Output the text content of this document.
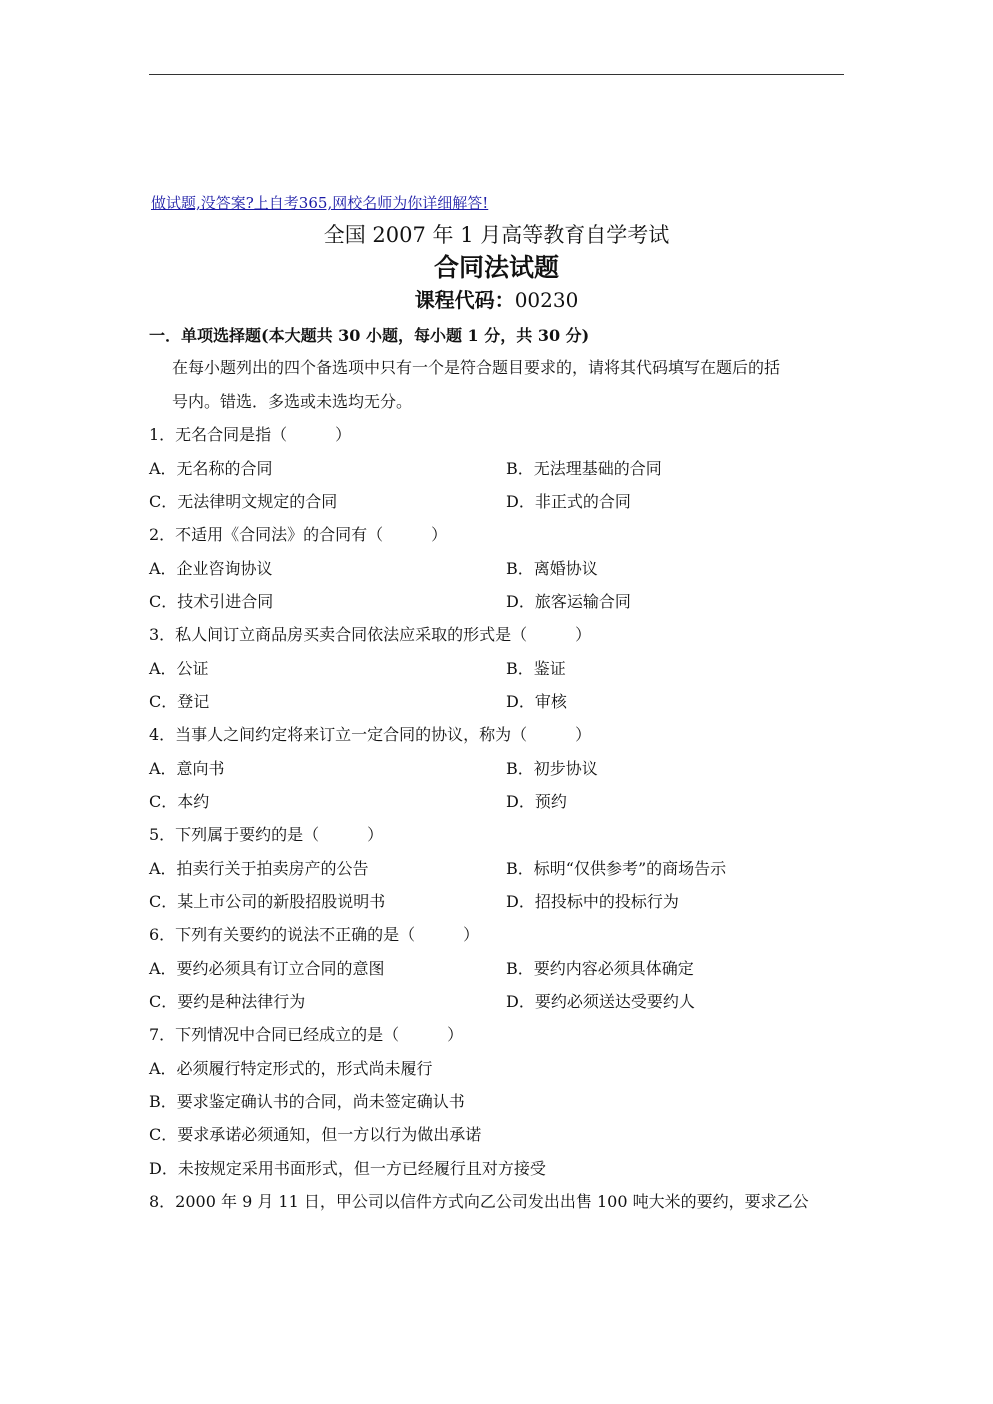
做试题,没答案?上自考365,网校名师为你详细解答!
全国 2007 年 1 月高等教育自学考试
合同法试题
课程代码：00230
一．单项选择题(本大题共 30 小题，每小题 1 分，共 30 分)
在每小题列出的四个备选项中只有一个是符合题目要求的，请将其代码填写在题后的括
号内。错选．多选或未选均无分。
1．无名合同是指（　　　）
A．无名称的合同	B．无法理基础的合同
C．无法律明文规定的合同	D．非正式的合同
2．不适用《合同法》的合同有（　　　）
A．企业咨询协议	B．离婚协议
C．技术引进合同	D．旅客运输合同
3．私人间订立商品房买卖合同依法应采取的形式是（　　　）
A．公证	B．鉴证
C．登记	D．审核
4．当事人之间约定将来订立一定合同的协议，称为（　　　）
A．意向书	B．初步协议
C．本约	D．预约
5．下列属于要约的是（　　　）
A．拍卖行关于拍卖房产的公告	B．标明“仅供参考”的商场告示
C．某上市公司的新股招股说明书	D．招投标中的投标行为
6．下列有关要约的说法不正确的是（　　　）
A．要约必须具有订立合同的意图	B．要约内容必须具体确定
C．要约是种法律行为	D．要约必须送达受要约人
7．下列情况中合同已经成立的是（　　　）
A．必须履行特定形式的，形式尚未履行
B．要求鉴定确认书的合同，尚未签定确认书
C．要求承诺必须通知，但一方以行为做出承诺
D．未按规定采用书面形式，但一方已经履行且对方接受
8．2000 年 9 月 11 日，甲公司以信件方式向乙公司发出出售 100 吨大米的要约，要求乙公
